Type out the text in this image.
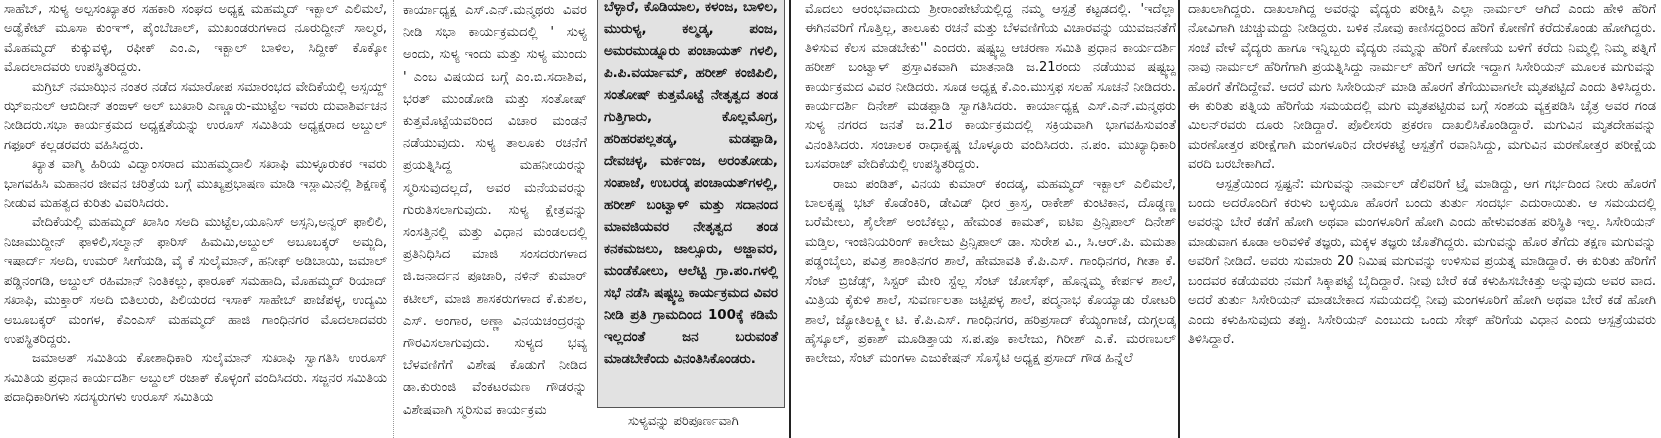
ಸಾಹೆಬ್, ಸುಳ್ಯ ಅಲ್ಪಸಂಖ್ಯಾತರ ಸಹಕಾರಿ ಸಂಘದ ಅಧ್ಯಕ್ಷ ಮಹಮ್ಮದ್ ಇಕ್ಬಾಲ್ ಎಲಿಮಲೆ, ಅಡ್ವೆಕೇಟ್ ಮೂಸಾ ಕುಂಞ್, ಪೈಂಬೆಚಾಲ್, ಮುಖಂಡರುಗಳಾದ ನೂರುದ್ದೀನ್ ಸಾಲ್ಮರ, ಮೊಹಮ್ಮದ್ ಕುಕ್ಕುವಳ್ಳಿ, ರಫೀಕ್ ಎಂ.ಎ, ಇಕ್ಬಾಲ್ ಬಾಳಿಲ, ಸಿದ್ದೀಕ್ ಕೊಕ್ಕೋ ಮೊದಲಾದವರು ಉಪಸ್ಥಿತರಿದ್ದರು.

ಮಗ್ರಿಬ್ ನಮಾಝಿನ ನಂತರ ನಡೆದ ಸಮಾರೋಪ ಸಮಾರಂಭದ ವೇದಿಕೆಯಲ್ಲಿ ಅಸ್ಸಯ್ದ್ ಝ್ಐನುಲ್ ಆಬಿದೀನ್ ತಂಙಳ್ ಅಲ್ ಬುಖಾರಿ ಎಣ್ಣೂರು-ಮುಟ್ಟೆಲ ಇವರು ದುವಾಶಿರ್ವಚನ ನೀಡಿದರು.ಸಭಾ ಕಾರ್ಯಕ್ರಮದ ಅಧ್ಯಕ್ಷತೆಯನ್ನು ಉರೂಸ್ ಸಮಿತಿಯ ಅಧ್ಯಕ್ಷರಾದ ಅಬ್ದುಲ್ ಗಫೂರ್ ಕಲ್ಲಡರವರು ವಹಿಸಿದ್ದರು.

ಖ್ಯಾತ ವಾಗ್ಮಿ ಹಿರಿಯ ವಿದ್ವಾಂಸರಾದ ಮುಹಮ್ಮದಾಲಿ ಸಖಾಫಿ ಮುಳ್ಳೂರುಕರ ಇವರು ಭಾಗವಹಿಸಿ ಮಹಾನರ ಜೀವನ ಚರಿತ್ರೆಯ ಬಗ್ಗೆ ಮುಖ್ಯಪ್ರಭಾಷಣ ಮಾಡಿ ಇಸ್ಲಾಮಿನಲ್ಲಿ ಶಿಕ್ಷಣಕ್ಕೆ ನೀಡುವ ಮಹತ್ವದ ಕುರಿತು ವಿವರಿಸಿದರು.

ವೇದಿಕೆಯಲ್ಲಿ ಮಹಮ್ಮದ್ ಖಾಸಿಂ ಸಅದಿ ಮುಟ್ಟೆಲ,ಯೂನಿಸ್ ಅಸ್ಸನಿ,ಅನ್ವರ್ ಫಾಲಿಲಿ, ನಿಜಾಮುದ್ದೀನ್ ಫಾಳಿಲಿ,ಸಲ್ಮಾನ್ ಫಾರಿಸ್ ಹಿಮಮಿ,ಅಬ್ದುಲ್ ಅಬೂಬಕ್ಕರ್ ಅಮ್ಜದಿ, ಇಷಾರ್ದ್ ಸಅದಿ, ಉಮರ್ ಸೀಗೆಯಡಿ, ವೈ ಕೆ ಸುಲೈಮಾನ್, ಹನೀಫ್ ಅಡಿಬಾಯಿ, ಜಮಾಲ್ ಪಡ್ಡಿನಂಗಡಿ, ಅಬ್ದುಲ್ ರಹಿಮಾನ್ ನಿಂತಿಕಲ್ಲು, ಫಾರೂಕ್ ಸಮಹಾದಿ, ಮೊಹಮ್ಮದ್ ರಿಯಾದ್ ಸಖಾಫಿ, ಮುಕ್ತಾರ್ ಸಅದಿ ಬಿತಿಲುರು, ಪಿಲಿಯರದ ಇಸಾಕ್ ಸಾಹೇಬ್ ಪಾಜೆಪಳ್ಳ, ಉದ್ಯಮಿ ಅಬೂಬಕ್ಕರ್ ಮಂಗಳ, ಕೆಎಂಎಸ್ ಮಹಮ್ಮದ್ ಹಾಜಿ ಗಾಂಧಿನಗರ ಮೊದಲಾದವರು ಉಪಸ್ಥಿತರಿದ್ದರು.

ಜಮಾಅತ್ ಸಮಿತಿಯ ಕೋಶಾಧಿಕಾರಿ ಸುಲೈಮಾನ್ ಸುಖಾಫಿ ಸ್ವಾಗತಿಸಿ ಉರೂಸ್ ಸಮಿತಿಯ ಪ್ರಧಾನ ಕಾರ್ಯದರ್ಶಿ ಅಬ್ದುಲ್ ರಜಾಕ್ ಕೊಳ್ಳಂಗೆ ವಂದಿಸಿದರು. ಸಜ್ಜನರ ಸಮಿತಿಯ ಪದಾಧಿಕಾರಿಗಳು ಸದಸ್ಯರುಗಳು ಉರೂಸ್ ಸಮಿತಿಯ

ಕಾರ್ಯಾಧ್ಯಕ್ಷ ಎಸ್.ಎನ್.ಮನ್ಮಥರು ವಿವರ ನೀಡಿ ಸಭಾ ಕಾರ್ಯಕ್ರಮದಲ್ಲಿ ' ಸುಳ್ಯ ಅಂದು, ಸುಳ್ಯ ಇಂದು ಮತ್ತು ಸುಳ್ಯ ಮುಂದು ' ಎಂಬ ವಿಷಯದ ಬಗ್ಗೆ ಎಂ.ಬಿ.ಸದಾಶಿವ, ಭರತ್ ಮುಂಡೋಡಿ ಮತ್ತು ಸಂತೋಷ್ ಕುತ್ತಮೊಟ್ಟೆಯವರಿಂದ ವಿಚಾರ ಮಂಡನೆ ನಡೆಯುವುದು. ಸುಳ್ಯ ತಾಲೂಕು ರಚನೆಗೆ ಪ್ರಯತ್ನಿಸಿದ್ದ ಮಹನೀಯರನ್ನು ಸ್ಮರಿಸುವುದಲ್ಲದೆ, ಅವರ ಮನೆಯವರನ್ನು ಗುರುತಿಸಲಾಗುವುದು. ಸುಳ್ಯ ಕ್ಷೇತ್ರವನ್ನು ಸಂಸತ್ತಿನಲ್ಲಿ ಮತ್ತು ವಿಧಾನ ಮಂಡಲದಲ್ಲಿ ಪ್ರತಿನಿಧಿಸಿದ ಮಾಜಿ ಸಂಸದರುಗಳಾದ ಜಿ.ಜನಾರ್ದನ ಪೂಜಾರಿ, ನಳಿನ್ ಕುಮಾರ್ ಕಟೀಲ್, ಮಾಜಿ ಶಾಸಕರುಗಳಾದ ಕೆ.ಕುಶಲ, ಎಸ್. ಅಂಗಾರ, ಅಣ್ಣಾ ವಿನಯಚಂದ್ರರನ್ನು ಗೌರವಿಸಲಾಗುವುದು. ಸುಳ್ಯದ ಭವ್ಯ ಬೆಳವಣಿಗೆಗೆ ವಿಶೇಷ ಕೊಡುಗೆ ನೀಡಿದ ಡಾ.ಕುರುಂಜಿ ವೆಂಕಟರಮಣ ಗೌಡರನ್ನು ವಿಶೇಷವಾಗಿ ಸ್ಮರಿಸುವ ಕಾರ್ಯಕ್ರಮ

ಬೆಳ್ಳಾರೆ, ಕೊಡಿಯಾಲ, ಕಳಂಜ, ಬಾಳಿಲ, ಮುರುಳ್ಯ, ಕಲ್ಮಡ್ಕ, ಪಂಜ, ಅಮರಮುಡ್ನೂರು ಪಂಚಾಯತ್ ಗಳಲಿ, ಪಿ.ಪಿ.ವರ್ಯಾಮ್, ಹರೀಶ್ ಕಂಜಿಪಿಲಿ, ಸಂತೋಷ್ ಕುತ್ತಮೊಟ್ಟೆ ನೇತೃತ್ವದ ತಂಡ ಗುತ್ತಿಗಾರು, ಕೊಲ್ಲಮೊಗ್ರ, ಹರಿಹರಪಲ್ಲತಡ್ಕ, ಮಡಪ್ಪಾಡಿ, ದೇವಚಳ್ಳ, ಮರ್ಕಂಜ, ಅರಂತೋಡು, ಸಂಪಾಜೆ, ಉಬರಡ್ಕ ಪಂಚಾಯತ್‌ಗಳಲ್ಲಿ, ಹರೀಶ್ ಬಂಟ್ವಾಳ್ ಮತ್ತು ಸದಾನಂದ ಮಾವಜಿಯವರ ನೇತೃತ್ವದ ತಂಡ ಕನಕಮಜಲು, ಜಾಲ್ಸೂರು, ಅಜ್ಜಾವರ, ಮಂಡೆಕೋಲು, ಆಲೆಟ್ಟಿ ಗ್ರಾ.ಪಂ.ಗಳಲ್ಲಿ ಸಭೆ ನಡೆಸಿ ಷಷ್ಟ್ಯಬ್ದ ಕಾರ್ಯಕ್ರಮದ ವಿವರ ನೀಡಿ ಪ್ರತಿ ಗ್ರಾಮದಿಂದ 100ಕ್ಕೆ ಕಡಿಮೆ ಇಲ್ಲದಂತೆ ಜನ ಬರುವಂತೆ ಮಾಡಬೇಕೆಂದು ವಿನಂತಿಸಿಕೊಂಡರು.

ಸುಳ್ಯವನ್ನು ಪರಿಪೂರ್ಣವಾಗಿ

ಮೊದಲು ಆರಂಭವಾದುದು ಶ್ರೀರಾಂಪೇಟೆಯಲ್ಲಿದ್ದ ನಮ್ಮ ಆಸ್ಪತ್ರೆ ಕಟ್ಟಡದಲ್ಲಿ. 'ಇದೆಲ್ಲಾ ಈಗಿನವರಿಗೆ ಗೊತ್ತಿಲ್ಲ, ತಾಲೂಕು ರಚನೆ ಮತ್ತು ಬೆಳವಣಿಗೆಯ ವಿಚಾರವನ್ನು ಯುವಜನತೆಗೆ ತಿಳಿಸುವ ಕೆಲಸ ಮಾಡಬೇಕು'' ಎಂದರು. ಷಷ್ಟ್ಯಬ್ದ ಆಚರಣಾ ಸಮಿತಿ ಪ್ರಧಾನ ಕಾರ್ಯದರ್ಶಿ ಹರೀಶ್ ಬಂಟ್ವಾಳ್ ಪ್ರಸ್ತಾವಿಕವಾಗಿ ಮಾತನಾಡಿ ಜ.21ರಂದು ನಡೆಯುವ ಷಷ್ಟ್ಯಬ್ದ ಕಾರ್ಯಕ್ರಮದ ವಿವರ ನೀಡಿದರು. ಸೂಡ ಅಧ್ಯಕ್ಷ ಕೆ.ಎಂ.ಮುಸ್ತಫ ಸಲಹೆ ಸೂಚನೆ ನೀಡಿದರು. ಕಾರ್ಯದರ್ಶಿ ದಿನೇಶ್ ಮಡಪ್ಪಾಡಿ ಸ್ವಾಗತಿಸಿದರು. ಕಾರ್ಯಾಧ್ಯಕ್ಷ ಎಸ್.ಎನ್.ಮನ್ಮಥರು ಸುಳ್ಯ ನಗರದ ಜನತೆ ಜ.21ರ ಕಾರ್ಯಕ್ರಮದಲ್ಲಿ ಸಕ್ರಿಯವಾಗಿ ಭಾಗವಹಿಸುವಂತೆ ವಿನಂತಿಸಿದರು. ಸಂಚಾಲಕ ರಾಧಾಕೃಷ್ಣ ಬೊಳ್ಳೂರು ವಂದಿಸಿದರು. ನ.ಪಂ. ಮುಖ್ಯಾಧಿಕಾರಿ ಬಸವರಾಜ್ ವೇದಿಕೆಯಲ್ಲಿ ಉಪಸ್ಥಿತರಿದ್ದರು.

ರಾಜು ಪಂಡಿತ್, ವಿನಯ ಕುಮಾರ್ ಕಂದಡ್ಕ, ಮಹಮ್ಮದ್ ಇಕ್ಬಾಲ್ ಎಲಿಮಲೆ, ಬಾಲಕೃಷ್ಣ ಭಟ್ ಕೊಡೆಂಕಿರಿ, ಡೇವಿಡ್ ಧೀರ ಕ್ರಾಸ್ತ, ರಾಕೇಶ್ ಕುಂಟಿಕಾನ, ದೊಡ್ಡಣ್ಣ ಬರೆಮೇಲು, ಶೈಲೇಶ್ ಅಂಬೆಕಲ್ಲು, ಹೇಮಂತ ಕಾಮತ್, ಐಟಿಐ ಪ್ರಿನ್ಸಿಪಾಲ್ ದಿನೇಶ್ ಮಡ್ತಿಲ, ಇಂಜಿನಿಯರಿಂಗ್ ಕಾಲೇಜು ಪ್ರಿನ್ಸಿಪಾಲ್ ಡಾ. ಸುರೇಶ ವಿ., ಸಿ.ಆರ್.ಪಿ. ಮಮತಾ ಪಡ್ಡಂಬೈಲು, ಪವಿತ್ರ ಶಾಂತಿನಗರ ಶಾಲೆ, ಹೇಮಾವತಿ ಕೆ.ಪಿ.ಎಸ್. ಗಾಂಧಿನಗರ, ಗೀತಾ ಕೆ. ಸೆಂಟ್ ಬ್ರಿಜೆಡ್ಸ್, ಸಿಸ್ಟರ್ ಮೇರಿ ಸ್ಟೆಲ್ಲ ಸೆಂಟ್ ಜೋಸೆಫ್, ಹೊನ್ನಮ್ಮ ಕೇರ್ಪಳ ಶಾಲೆ, ಮಿತ್ರಿಯ ಕೈಕುಳಿ ಶಾಲೆ, ಸುವರ್ಣಲತಾ ಜಟ್ಟಿಪಳ್ಳ ಶಾಲೆ, ಪದ್ಮನಾಭ ಕೊಯ್ಯಾಡು ರೋಟರಿ ಶಾಲೆ, ಜ್ಯೋತಿಲಕ್ಷ್ಮೀ ಟಿ. ಕೆ.ಪಿ.ಎಸ್. ಗಾಂಧಿನಗರ, ಹರಿಪ್ರಸಾದ್ ಕೆಯ್ಯಂಗಾಜೆ, ದುಗ್ಗಲಡ್ಕ ಹೈಸ್ಕೂಲ್, ಪ್ರಕಾಶ್ ಮೂಡಿತ್ತಾಯ ಸ.ಪ.ಪೂ ಕಾಲೇಜು, ಗಿರೀಶ್ ಎ.ಕೆ. ಮರಣಬಲ್ ಕಾಲೇಜು, ಸೆಂಟ್ ಮಂಗಳಾ ಎಜುಕೇಷನ್ ಸೊಸೈಟಿ ಅಧ್ಯಕ್ಷ ಪ್ರಸಾದ್ ಗೌಡ ಹಿನ್ನೆಲೆ

ದಾಖಲಾಗಿದ್ದರು. ದಾಖಲಾಗಿದ್ದ ಅವರನ್ನು ವೈದ್ಯರು ಪರೀಕ್ಷಿಸಿ ಎಲ್ಲಾ ನಾರ್ಮಲ್ ಆಗಿದೆ ಎಂದು ಹೇಳಿ ಹೆರಿಗೆ ನೋವಿಗಾಗಿ ಚುಚ್ಚುಮದ್ದು ನೀಡಿದ್ದರು. ಬಳಿಕ ನೋವು ಕಾಣಿಸದ್ದರಿಂದ ಹೆರಿಗೆ ಕೋಣೆಗೆ ಕರೆದುಕೊಂಡು ಹೋಗಿದ್ದರು. ಸಂಜೆ ವೇಳೆ ವೈದ್ಯರು ಹಾಗೂ ಇನ್ನಿಬ್ಬರು ವೈದ್ಯರು ನಮ್ಮನ್ನು ಹೆರಿಗೆ ಕೋಣೆಯ ಬಳಿಗೆ ಕರೆದು ನಿಮ್ಮಲ್ಲಿ ನಿಮ್ಮ ಪತ್ನಿಗೆ ನಾವು ನಾರ್ಮಲ್ ಹೆರಿಗೆಗಾಗಿ ಪ್ರಯತ್ನಿಸಿದ್ದು ನಾರ್ಮಲ್ ಹೆರಿಗೆ ಆಗದೇ ಇದ್ದಾಗ ಸಿಸೇರಿಯನ್ ಮೂಲಕ ಮಗುವನ್ನು ಹೊರಗೆ ತೆಗೆದಿದ್ದೇವೆ. ಆದರೆ ಮಗು ಸಿಸೇರಿಯನ್ ಮಾಡಿ ಹೊರಗೆ ತೆಗೆಯುವಾಗಲೇ ಮೃತಪಟ್ಟಿದೆ ಎಂದು ತಿಳಿಸಿದ್ದರು. ಈ ಕುರಿತು ಪತ್ನಿಯ ಹೆರಿಗೆಯ ಸಮಯದಲ್ಲಿ ಮಗು ಮೃತಪಟ್ಟಿರುವ ಬಗ್ಗೆ ಸಂಶಯ ವ್ಯಕ್ತಪಡಿಸಿ ಚೈತ್ರ ಅವರ ಗಂಡ ಮಿಲನ್‌ರವರು ದೂರು ನೀಡಿದ್ದಾರೆ. ಪೊಲೀಸರು ಪ್ರಕರಣ ದಾಖಲಿಸಿಕೊಂಡಿದ್ದಾರೆ. ಮಗುವಿನ ಮೃತದೇಹವನ್ನು ಮರಣೋತ್ತರ ಪರೀಕ್ಷೆಗಾಗಿ ಮಂಗಳೂರಿನ ದೇರಳಕಟ್ಟೆ ಆಸ್ಪತ್ರೆಗೆ ರವಾನಿಸಿದ್ದು, ಮಗುವಿನ ಮರಣೋತ್ತರ ಪರೀಕ್ಷೆಯ ವರದಿ ಬರಬೇಕಾಗಿದೆ.

ಆಸ್ಪತ್ರೆಯಿಂದ ಸ್ಪಷ್ಟನೆ: ಮಗುವನ್ನು ನಾರ್ಮಲ್ ಡೆಲಿವರಿಗೆ ಟ್ರೈ ಮಾಡಿದ್ದು, ಆಗ ಗರ್ಭದಿಂದ ನೀರು ಹೊರಗೆ ಬಂದು ಅದರೊಂದಿಗೆ ಕರುಳು ಬಳ್ಳಿಯೂ ಹೊರಗೆ ಬಂದು ತುರ್ತು ಸಂದರ್ಭ ಎದುರಾಯಿತು. ಆ ಸಮಯದಲ್ಲಿ ಅವರನ್ನು ಬೇರೆ ಕಡೆಗೆ ಹೋಗಿ ಅಥವಾ ಮಂಗಳೂರಿಗೆ ಹೋಗಿ ಎಂದು ಹೇಳುವಂತಹ ಪರಿಸ್ಥಿತಿ ಇಲ್ಲ. ಸಿಸೇರಿಯನ್ ಮಾಡುವಾಗ ಕೂಡಾ ಅರಿವಳಿಕೆ ತಜ್ಞರು, ಮಕ್ಕಳ ತಜ್ಞರು ಜೊತೆಗಿದ್ದರು. ಮಗುವನ್ನು ಹೊರ ತೆಗೆದು ತಕ್ಷಣ ಮಗುವನ್ನು ಅವರಿಗೆ ನೀಡಿದೆ. ಅವರು ಸುಮಾರು 20 ನಿಮಿಷ ಮಗುವನ್ನು ಉಳಿಸುವ ಪ್ರಯತ್ನ ಮಾಡಿದ್ದಾರೆ. ಈ ಕುರಿತು ಹೆರಿಗೆಗೆ ಬಂದವರ ಕಡೆಯವರು ನಮಗೆ ಸಿಕ್ಕಾಪಟ್ಟೆ ಬೈದಿದ್ದಾರೆ. ನೀವು ಬೇರೆ ಕಡೆ ಕಳುಹಿಸಬೇಕಿತ್ತು ಅನ್ನುವುದು ಅವರ ವಾದ. ಅದರೆ ತುರ್ತು ಸಿಸೇರಿಯನ್ ಮಾಡಬೇಕಾದ ಸಮಯದಲ್ಲಿ ನೀವು ಮಂಗಳೂರಿಗೆ ಹೋಗಿ ಅಥವಾ ಬೇರೆ ಕಡೆ ಹೋಗಿ ಎಂದು ಕಳುಹಿಸುವುದು ತಪ್ಪು. ಸಿಸೇರಿಯನ್ ಎಂಬುದು ಒಂದು ಸೇಫ್ ಹೆರಿಗೆಯ ವಿಧಾನ ಎಂದು ಆಸ್ಪತ್ರೆಯವರು ತಿಳಿಸಿದ್ದಾರೆ.
